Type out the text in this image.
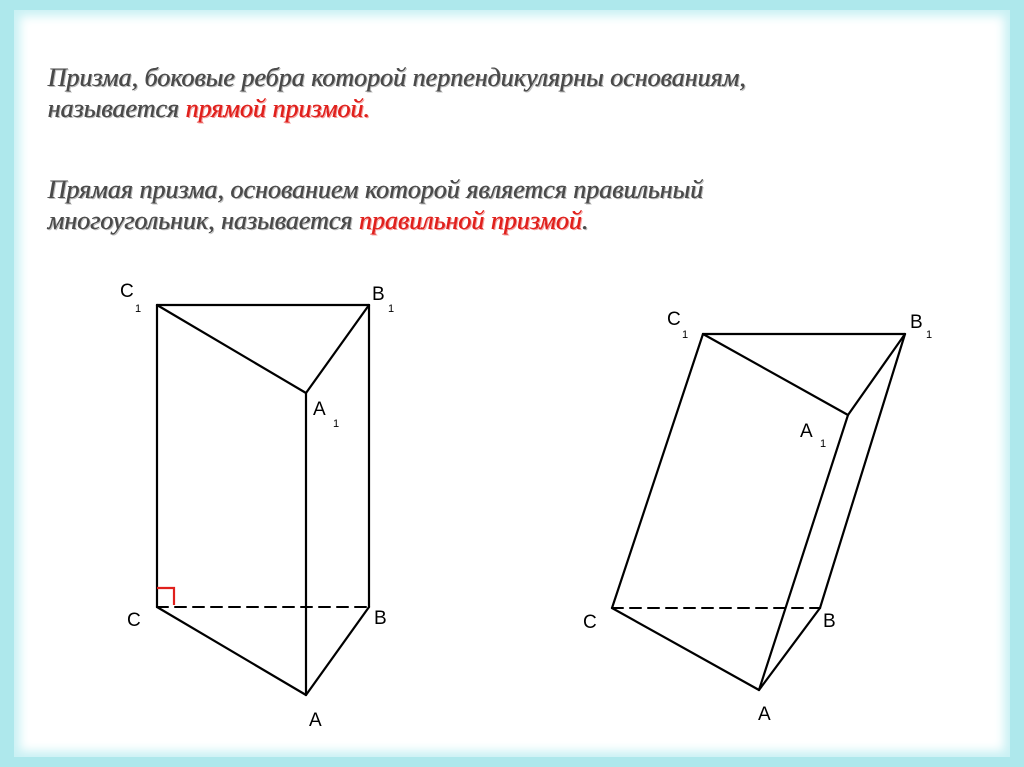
Призма, боковые ребра которой перпендикулярны основаниям,
называется прямой призмой.
Прямая призма, основанием которой является правильный
многоугольник, называется правильной призмой.
C
1
B
1
A
1
C	B
A
C
1
B
1
A
1
C	B
A
